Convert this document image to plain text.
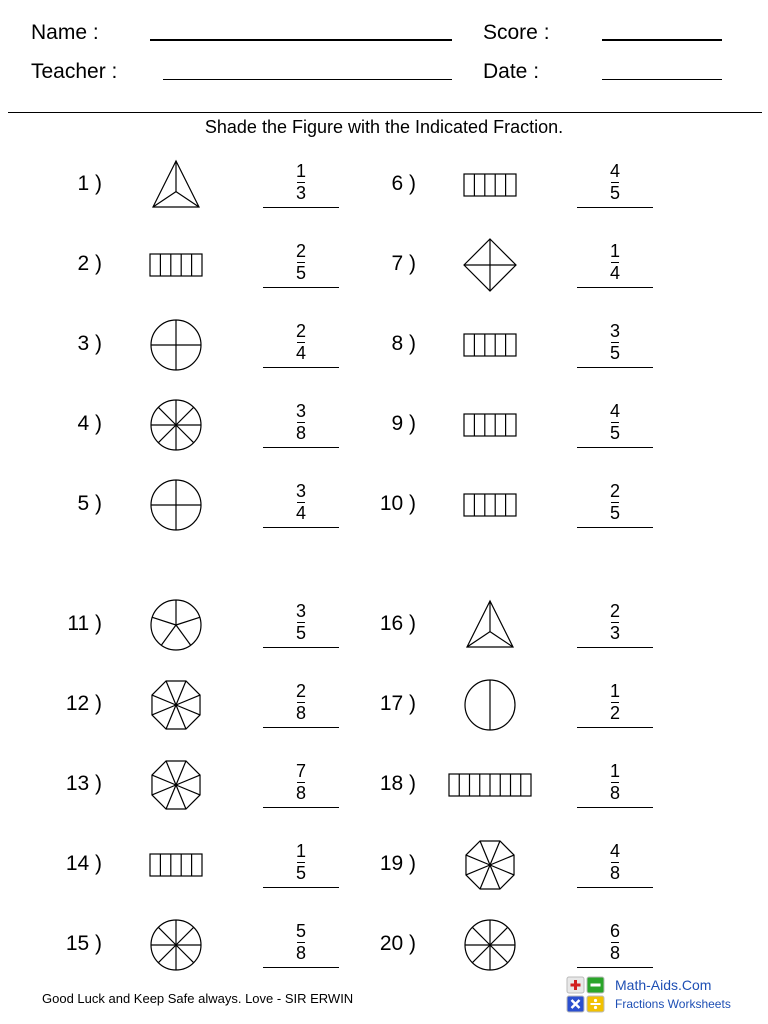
Name :
Teacher :
Score :
Date :
Shade the Figure with the Indicated Fraction.
1 )
1
3
2 )
2
5
3 )
2
4
4 )
3
8
5 )
3
4
6 )
4
5
7 )
1
4
8 )
3
5
9 )
4
5
10 )
2
5
11 )
3
5
12 )
2
8
13 )
7
8
14 )
1
5
15 )
5
8
16 )
2
3
17 )
1
2
18 )
1
8
19 )
4
8
20 )
6
8
Good Luck and Keep Safe always. Love - SIR ERWIN
Math-Aids.Com
Fractions Worksheets
